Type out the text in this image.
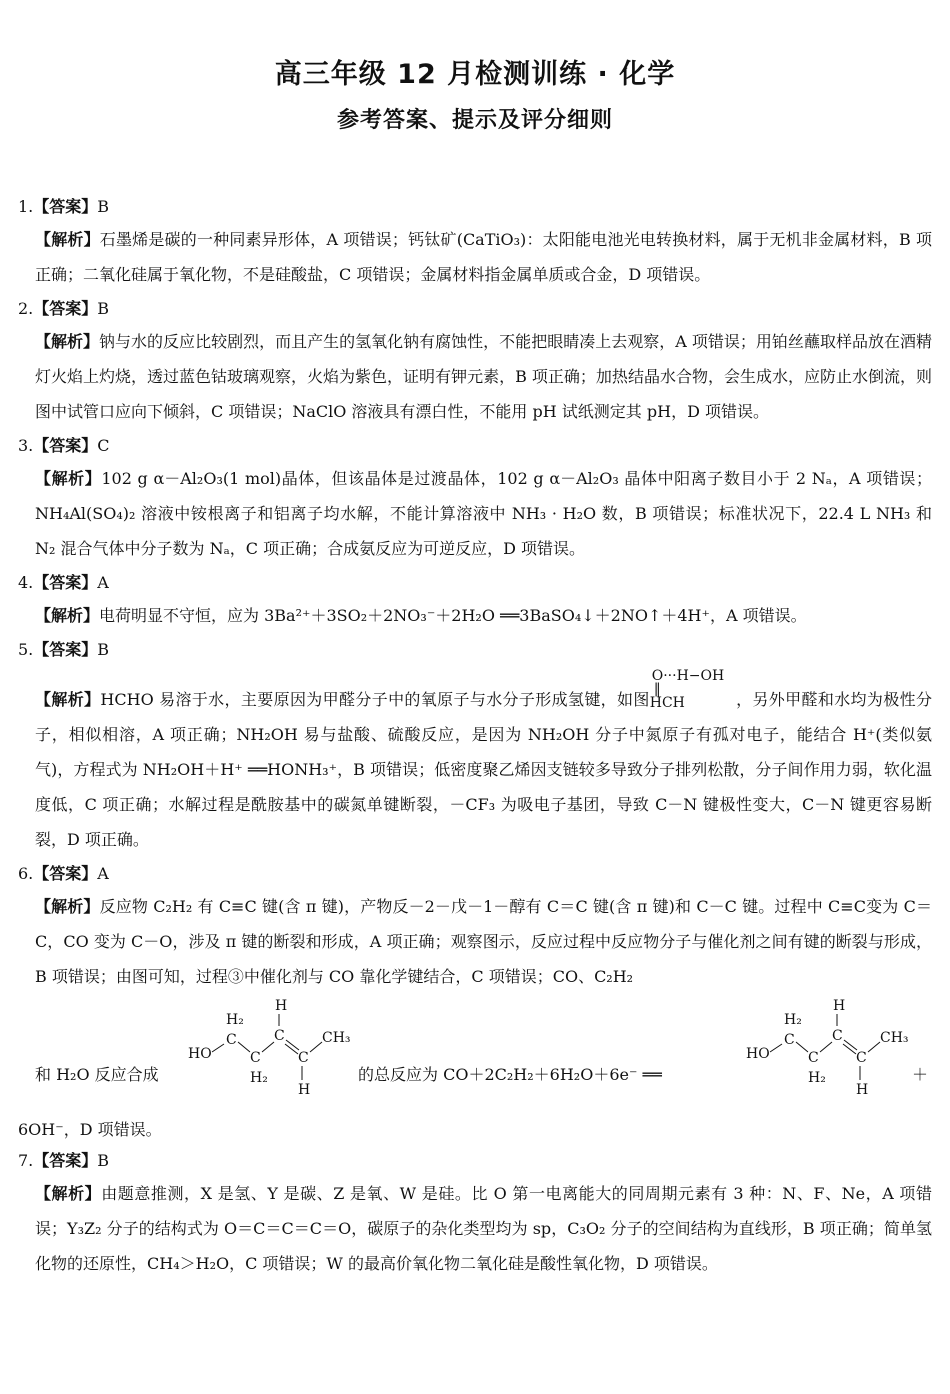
高三年级 12 月检测训练 · 化学
参考答案、提示及评分细则
1.【答案】B
【解析】石墨烯是碳的一种同素异形体，A 项错误；钙钛矿(CaTiO₃)：太阳能电池光电转换材料，属于无机非金属材料，B 项正确；二氧化硅属于氧化物，不是硅酸盐，C 项错误；金属材料指金属单质或合金，D 项错误。
2.【答案】B
【解析】钠与水的反应比较剧烈，而且产生的氢氧化钠有腐蚀性，不能把眼睛凑上去观察，A 项错误；用铂丝蘸取样品放在酒精灯火焰上灼烧，透过蓝色钴玻璃观察，火焰为紫色，证明有钾元素，B 项正确；加热结晶水合物，会生成水，应防止水倒流，则图中试管口应向下倾斜，C 项错误；NaClO 溶液具有漂白性，不能用 pH 试纸测定其 pH，D 项错误。
3.【答案】C
【解析】102 g α－Al₂O₃(1 mol)晶体，但该晶体是过渡晶体，102 g α－Al₂O₃ 晶体中阳离子数目小于 2 Nₐ，A 项错误；NH₄Al(SO₄)₂ 溶液中铵根离子和铝离子均水解，不能计算溶液中 NH₃ · H₂O 数，B 项错误；标准状况下，22.4 L NH₃ 和 N₂ 混合气体中分子数为 Nₐ，C 项正确；合成氨反应为可逆反应，D 项错误。
4.【答案】A
【解析】电荷明显不守恒，应为 3Ba²⁺＋3SO₂＋2NO₃⁻＋2H₂O ══3BaSO₄↓＋2NO↑＋4H⁺，A 项错误。
5.【答案】B
【解析】HCHO 易溶于水，主要原因为甲醛分子中的氧原子与水分子形成氢键，如图
O···H−OH
‖
HCH	，另外甲醛和水均为极性分子，相似相溶，A 项正确；NH₂OH 易与盐酸、硫酸反应，是因为 NH₂OH 分子中氮原子有孤对电子，能结合 H⁺(类似氨气)，方程式为 NH₂OH＋H⁺ ══HONH₃⁺，B 项错误；低密度聚乙烯因支链较多导致分子排列松散，分子间作用力弱，软化温度低，C 项正确；水解过程是酰胺基中的碳氮单键断裂，－CF₃ 为吸电子基团，导致 C－N 键极性变大，C－N 键更容易断裂，D 项正确。
6.【答案】A
【解析】反应物 C₂H₂ 有 C≡C 键(含 π 键)，产物反－2－戊－1－醇有 C＝C 键(含 π 键)和 C－C 键。过程中 C≡C变为 C＝C，CO 变为 C－O，涉及 π 键的断裂和形成，A 项正确；观察图示，反应过程中反应物分子与催化剂之间有键的断裂与形成，B 项错误；由图可知，过程③中催化剂与 CO 靠化学键结合，C 项错误；CO、C₂H₂
和 H₂O 反应合成
H₂
H
HO
C
C
C
C
CH₃
H₂
H
的总反应为 CO＋2C₂H₂＋6H₂O＋6e⁻ ══
H₂
H
HO
C
C
C
C
CH₃
H₂
H
＋
6OH⁻，D 项错误。
7.【答案】B
【解析】由题意推测，X 是氢、Y 是碳、Z 是氧、W 是硅。比 O 第一电离能大的同周期元素有 3 种：N、F、Ne，A 项错误；Y₃Z₂ 分子的结构式为 O＝C＝C＝C＝O，碳原子的杂化类型均为 sp，C₃O₂ 分子的空间结构为直线形，B 项正确；简单氢化物的还原性，CH₄＞H₂O，C 项错误；W 的最高价氧化物二氧化硅是酸性氧化物，D 项错误。
